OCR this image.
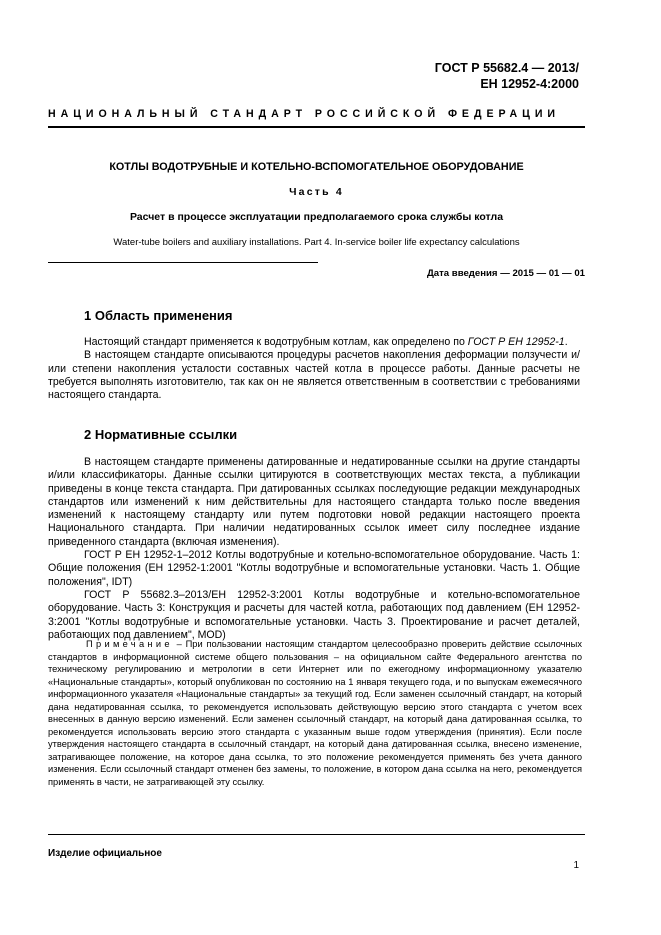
ГОСТ Р 55682.4 — 2013/
ЕН 12952-4:2000
НАЦИОНАЛЬНЫЙ СТАНДАРТ РОССИЙСКОЙ ФЕДЕРАЦИИ
КОТЛЫ ВОДОТРУБНЫЕ И КОТЕЛЬНО-ВСПОМОГАТЕЛЬНОЕ ОБОРУДОВАНИЕ
Часть 4
Расчет в процессе эксплуатации предполагаемого срока службы котла
Water-tube boilers and auxiliary installations. Part 4. In-service boiler life expectancy calculations
Дата введения — 2015 — 01 — 01
1 Область применения

Настоящий стандарт применяется к водотрубным котлам, как определено по ГОСТ Р ЕН 12952-1.

В настоящем стандарте описываются процедуры расчетов накопления деформации ползучести и/или степени накопления усталости составных частей котла в процессе работы. Данные расчеты не требуется выполнять изготовителю, так как он не является ответственным в соответствии с требованиями настоящего стандарта.

2 Нормативные ссылки

В настоящем стандарте применены датированные и недатированные ссылки на другие стандарты и/или классификаторы. Данные ссылки цитируются в соответствующих местах текста, а публикации приведены в конце текста стандарта. При датированных ссылках последующие редакции международных стандартов или изменений к ним действительны для настоящего стандарта только после введения изменений к настоящему стандарту или путем подготовки новой редакции настоящего проекта Национального стандарта. При наличии недатированных ссылок имеет силу последнее издание приведенного стандарта (включая изменения).

ГОСТ Р ЕН 12952-1–2012 Котлы водотрубные и котельно-вспомогательное оборудование. Часть 1: Общие положения (ЕН 12952-1:2001 "Котлы водотрубные и вспомогательные установки. Часть 1. Общие положения", IDT)

ГОСТ Р 55682.3–2013/ЕН 12952-3:2001 Котлы водотрубные и котельно-вспомогательное оборудование. Часть 3: Конструкция и расчеты для частей котла, работающих под давлением (ЕН 12952-3:2001 "Котлы водотрубные и вспомогательные установки. Часть 3. Проектирование и расчет деталей, работающих под давлением", MOD)

Примечание – При пользовании настоящим стандартом целесообразно проверить действие ссылочных стандартов в информационной системе общего пользования – на официальном сайте Федерального агентства по техническому регулированию и метрологии в сети Интернет или по ежегодному информационному указателю «Национальные стандарты», который опубликован по состоянию на 1 января текущего года, и по выпускам ежемесячного информационного указателя «Национальные стандарты» за текущий год. Если заменен ссылочный стандарт, на который дана недатированная ссылка, то рекомендуется использовать действующую версию этого стандарта с учетом всех внесенных в данную версию изменений. Если заменен ссылочный стандарт, на который дана датированная ссылка, то рекомендуется использовать версию этого стандарта с указанным выше годом утверждения (принятия). Если после утверждения настоящего стандарта в ссылочный стандарт, на который дана датированная ссылка, внесено изменение, затрагивающее положение, на которое дана ссылка, то это положение рекомендуется применять без учета данного изменения. Если ссылочный стандарт отменен без замены, то положение, в котором дана ссылка на него, рекомендуется применять в части, не затрагивающей эту ссылку.
Изделие официальное
1
